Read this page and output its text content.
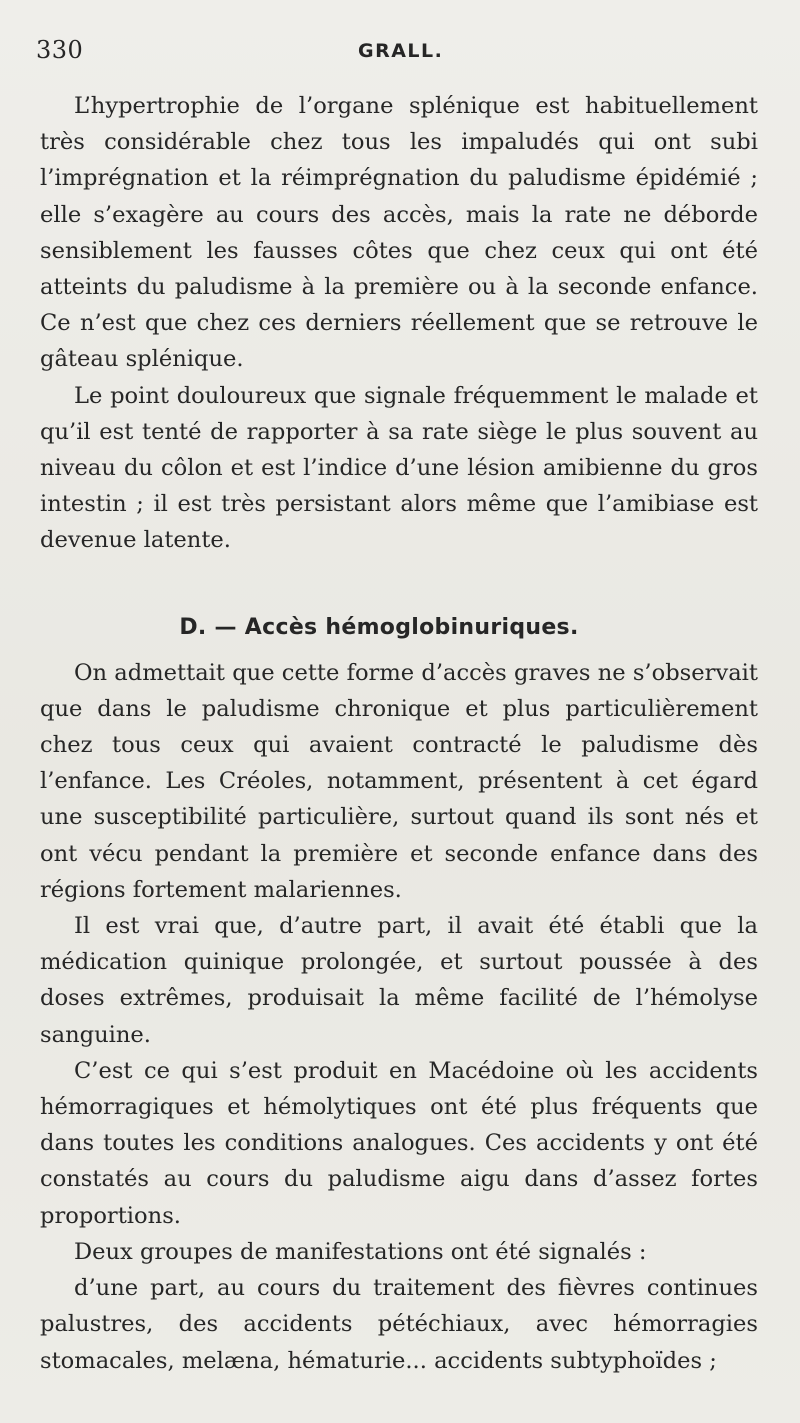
330	GRALL.

L’hypertrophie de l’organe splénique est habituellement très considérable chez tous les impaludés qui ont subi l’imprégnation et la réimprégnation du paludisme épidémié ; elle s’exagère au cours des accès, mais la rate ne déborde sensiblement les fausses côtes que chez ceux qui ont été atteints du paludisme à la première ou à la seconde enfance. Ce n’est que chez ces derniers réellement que se retrouve le gâteau splénique.

Le point douloureux que signale fréquemment le malade et qu’il est tenté de rapporter à sa rate siège le plus souvent au niveau du côlon et est l’indice d’une lésion amibienne du gros intestin ; il est très persistant alors même que l’amibiase est devenue latente.

D. — Accès hémoglobinuriques.

On admettait que cette forme d’accès graves ne s’observait que dans le paludisme chronique et plus particulièrement chez tous ceux qui avaient contracté le paludisme dès l’enfance. Les Créoles, notamment, présentent à cet égard une susceptibilité particulière, surtout quand ils sont nés et ont vécu pendant la première et seconde enfance dans des régions fortement malariennes.

Il est vrai que, d’autre part, il avait été établi que la médication quinique prolongée, et surtout poussée à des doses extrêmes, produisait la même facilité de l’hémolyse sanguine.

C’est ce qui s’est produit en Macédoine où les accidents hémorragiques et hémolytiques ont été plus fréquents que dans toutes les conditions analogues. Ces accidents y ont été constatés au cours du paludisme aigu dans d’assez fortes proportions.

Deux groupes de manifestations ont été signalés :

d’une part, au cours du traitement des fièvres continues palustres, des accidents pétéchiaux, avec hémorragies stomacales, melæna, hématurie... accidents subtyphoïdes ;
